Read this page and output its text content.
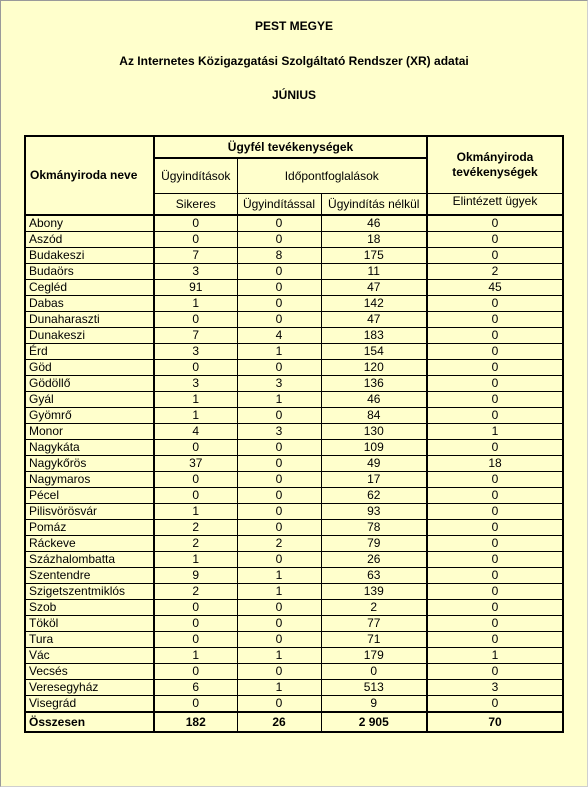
PEST MEGYE
Az Internetes Közigazgatási Szolgáltató Rendszer (XR) adatai
JÚNIUS
Okmányiroda neve	Ügyfél tevékenységek			Okmányiroda tevékenységek
	Ügyindítások	Időpontfoglalások		
	Sikeres	Ügyindítással	Ügyindítás nélkül	Elintézett ügyek
Abony	0	0	46	0
Aszód	0	0	18	0
Budakeszi	7	8	175	0
Budaörs	3	0	11	2
Cegléd	91	0	47	45
Dabas	1	0	142	0
Dunaharaszti	0	0	47	0
Dunakeszi	7	4	183	0
Érd	3	1	154	0
Göd	0	0	120	0
Gödöllő	3	3	136	0
Gyál	1	1	46	0
Gyömrő	1	0	84	0
Monor	4	3	130	1
Nagykáta	0	0	109	0
Nagykőrös	37	0	49	18
Nagymaros	0	0	17	0
Pécel	0	0	62	0
Pilisvörösvár	1	0	93	0
Pomáz	2	0	78	0
Ráckeve	2	2	79	0
Százhalombatta	1	0	26	0
Szentendre	9	1	63	0
Szigetszentmiklós	2	1	139	0
Szob	0	0	2	0
Tököl	0	0	77	0
Tura	0	0	71	0
Vác	1	1	179	1
Vecsés	0	0	0	0
Veresegyház	6	1	513	3
Visegrád	0	0	9	0
Összesen	182	26	2 905	70
